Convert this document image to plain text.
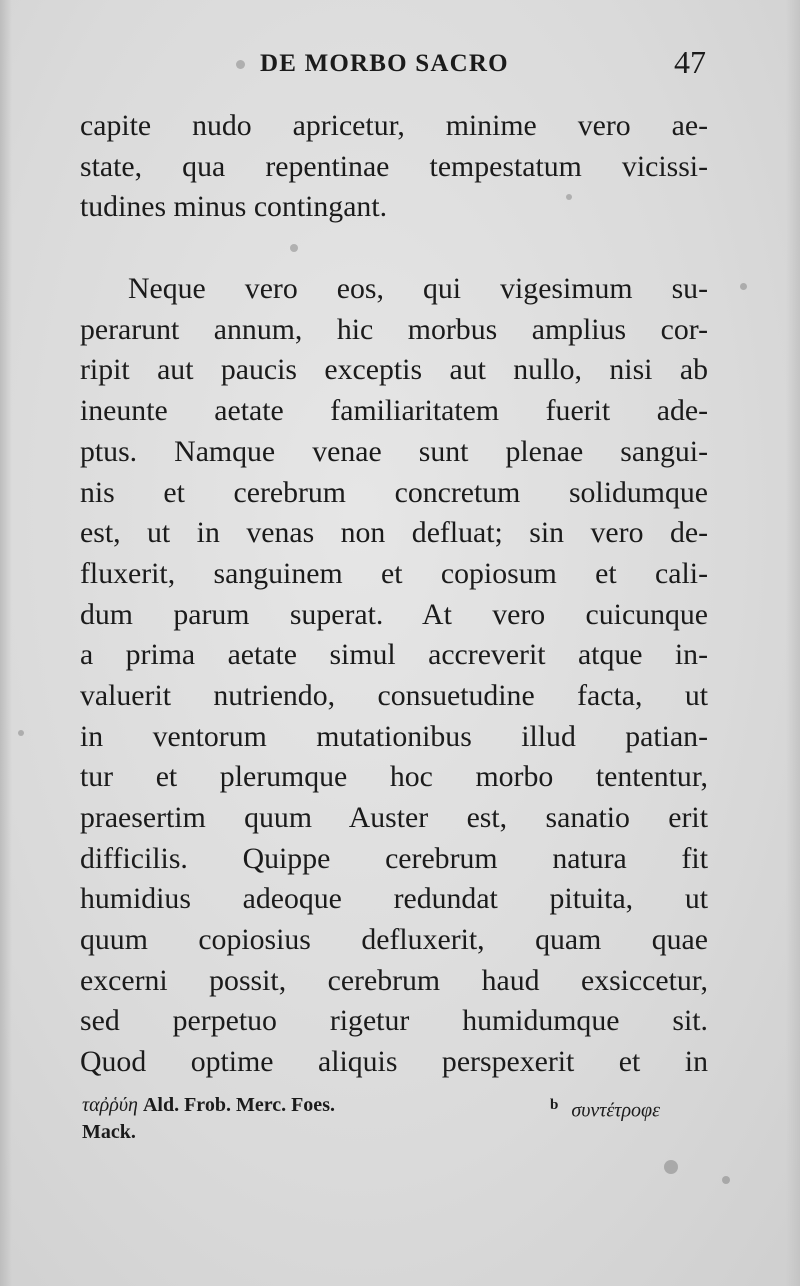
DE MORBO SACRO	47
capite nudo apricetur, minime vero ae-
state, qua repentinae tempestatum vicissi-
tudines minus contingant.
Neque vero eos, qui vigesimum su-
perarunt annum, hic morbus amplius cor-
ripit aut paucis exceptis aut nullo, nisi ab
ineunte aetate familiaritatem fuerit ade-
ptus. Namque venae sunt plenae sangui-
nis et cerebrum concretum solidumque
est, ut in venas non defluat; sin vero de-
fluxerit, sanguinem et copiosum et cali-
dum parum superat. At vero cuicunque
a prima aetate simul accreverit atque in-
valuerit nutriendo, consuetudine facta, ut
in ventorum mutationibus illud patian-
tur et plerumque hoc morbo tententur,
praesertim quum Auster est, sanatio erit
difficilis. Quippe cerebrum natura fit
humidius adeoque redundat pituita, ut
quum copiosius defluxerit, quam quae
excerni possit, cerebrum haud exsiccetur,
sed perpetuo rigetur humidumque sit.
Quod optime aliquis perspexerit et in
ταῤῥύη Ald. Frob. Merc. Foes.	$^b$ συντέτροφε
Mack.
